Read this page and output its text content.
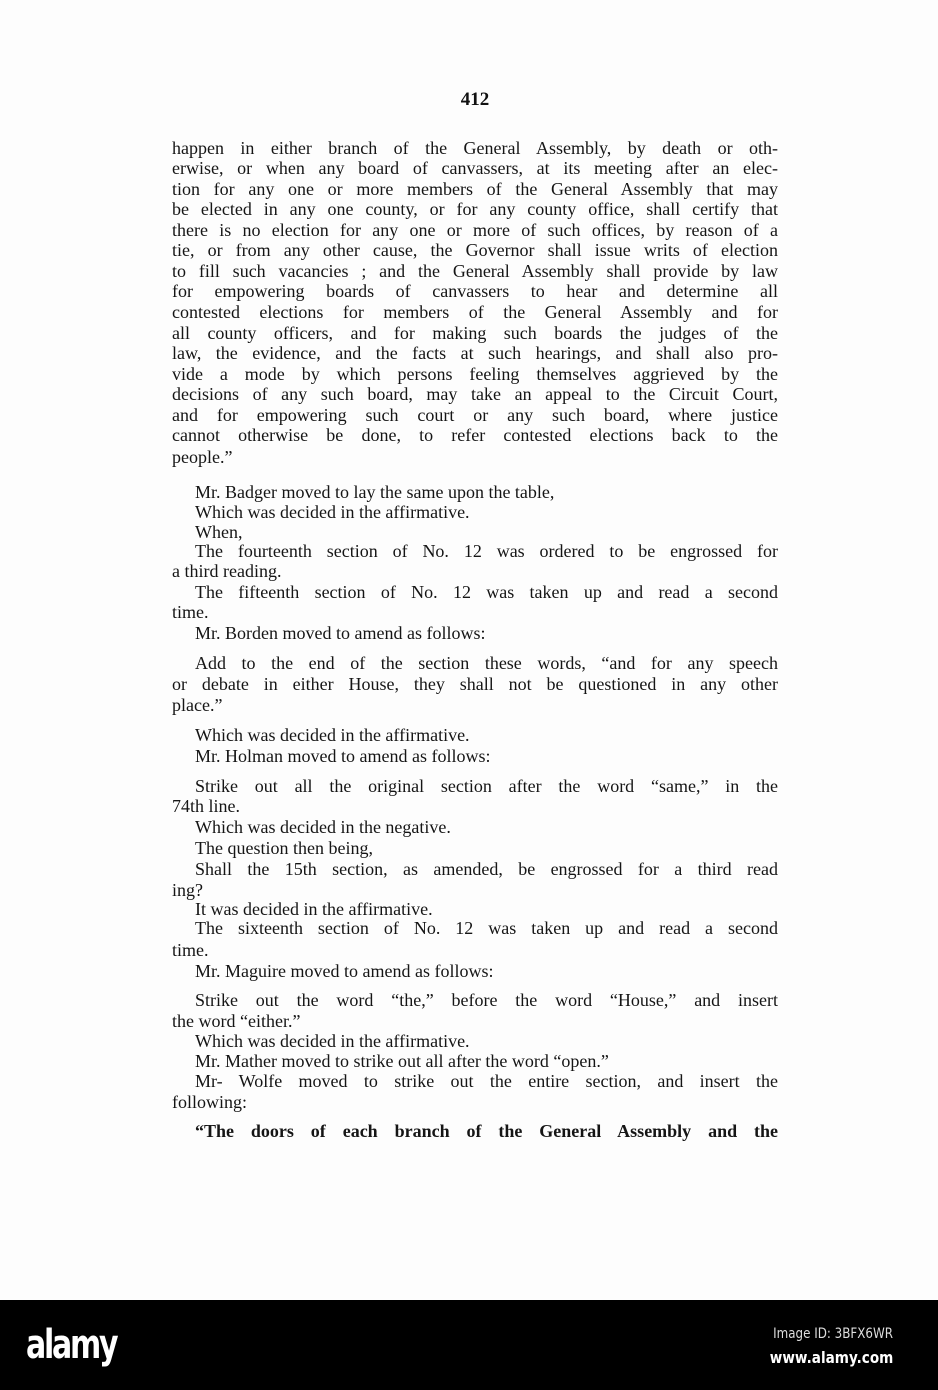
412
happen in either branch of the General Assembly, by death or oth-
erwise, or when any board of canvassers, at its meeting after an elec-
tion for any one or more members of the General Assembly that may
be elected in any one county, or for any county office, shall certify that
there is no election for any one or more of such offices, by reason of a
tie, or from any other cause, the Governor shall issue writs of election
to fill such vacancies ; and the General Assembly shall provide by law
for empowering boards of canvassers to hear and determine all
contested elections for members of the General Assembly and for
all county officers, and for making such boards the judges of the
law, the evidence, and the facts at such hearings, and shall also pro-
vide a mode by which persons feeling themselves aggrieved by the
decisions of any such board, may take an appeal to the Circuit Court,
and for empowering such court or any such board, where justice
cannot otherwise be done, to refer contested elections back to the
people.”
Mr. Badger moved to lay the same upon the table,
Which was decided in the affirmative.
When,
The fourteenth section of No. 12 was ordered to be engrossed for
a third reading.
The fifteenth section of No. 12 was taken up and read a second
time.
Mr. Borden moved to amend as follows:
Add to the end of the section these words, “and for any speech
or debate in either House, they shall not be questioned in any other
place.”
Which was decided in the affirmative.
Mr. Holman moved to amend as follows:
Strike out all the original section after the word “same,” in the
74th line.
Which was decided in the negative.
The question then being,
Shall the 15th section, as amended, be engrossed for a third read
ing?
It was decided in the affirmative.
The sixteenth section of No. 12 was taken up and read a second
time.
Mr. Maguire moved to amend as follows:
Strike out the word “the,” before the word “House,” and insert
the word “either.”
Which was decided in the affirmative.
Mr. Mather moved to strike out all after the word “open.”
Mr- Wolfe moved to strike out the entire section, and insert the
following:
“The doors of each branch of the General Assembly and the
alamy	Image ID: 3BFX6WR
www.alamy.com
